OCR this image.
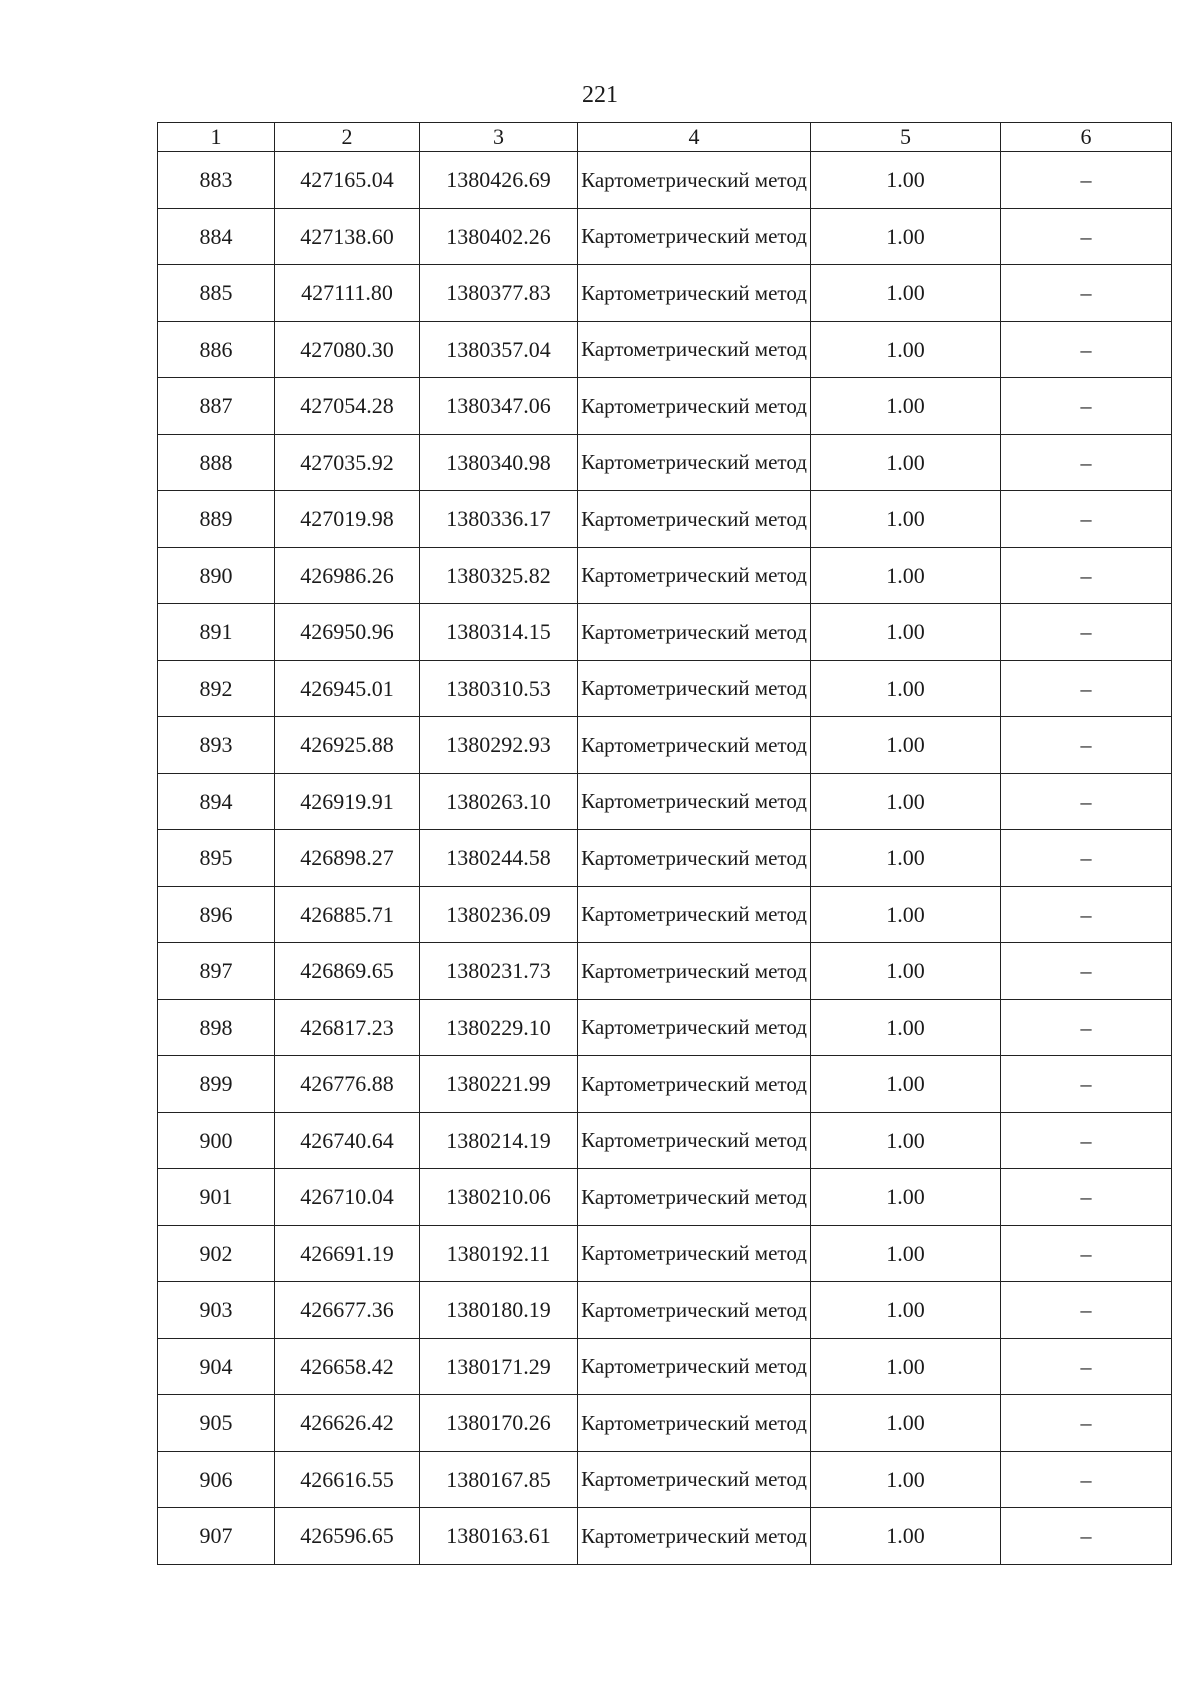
221
1	2	3	4	5	6
883	427165.04	1380426.69	Картометрический метод	1.00	–
884	427138.60	1380402.26	Картометрический метод	1.00	–
885	427111.80	1380377.83	Картометрический метод	1.00	–
886	427080.30	1380357.04	Картометрический метод	1.00	–
887	427054.28	1380347.06	Картометрический метод	1.00	–
888	427035.92	1380340.98	Картометрический метод	1.00	–
889	427019.98	1380336.17	Картометрический метод	1.00	–
890	426986.26	1380325.82	Картометрический метод	1.00	–
891	426950.96	1380314.15	Картометрический метод	1.00	–
892	426945.01	1380310.53	Картометрический метод	1.00	–
893	426925.88	1380292.93	Картометрический метод	1.00	–
894	426919.91	1380263.10	Картометрический метод	1.00	–
895	426898.27	1380244.58	Картометрический метод	1.00	–
896	426885.71	1380236.09	Картометрический метод	1.00	–
897	426869.65	1380231.73	Картометрический метод	1.00	–
898	426817.23	1380229.10	Картометрический метод	1.00	–
899	426776.88	1380221.99	Картометрический метод	1.00	–
900	426740.64	1380214.19	Картометрический метод	1.00	–
901	426710.04	1380210.06	Картометрический метод	1.00	–
902	426691.19	1380192.11	Картометрический метод	1.00	–
903	426677.36	1380180.19	Картометрический метод	1.00	–
904	426658.42	1380171.29	Картометрический метод	1.00	–
905	426626.42	1380170.26	Картометрический метод	1.00	–
906	426616.55	1380167.85	Картометрический метод	1.00	–
907	426596.65	1380163.61	Картометрический метод	1.00	–
